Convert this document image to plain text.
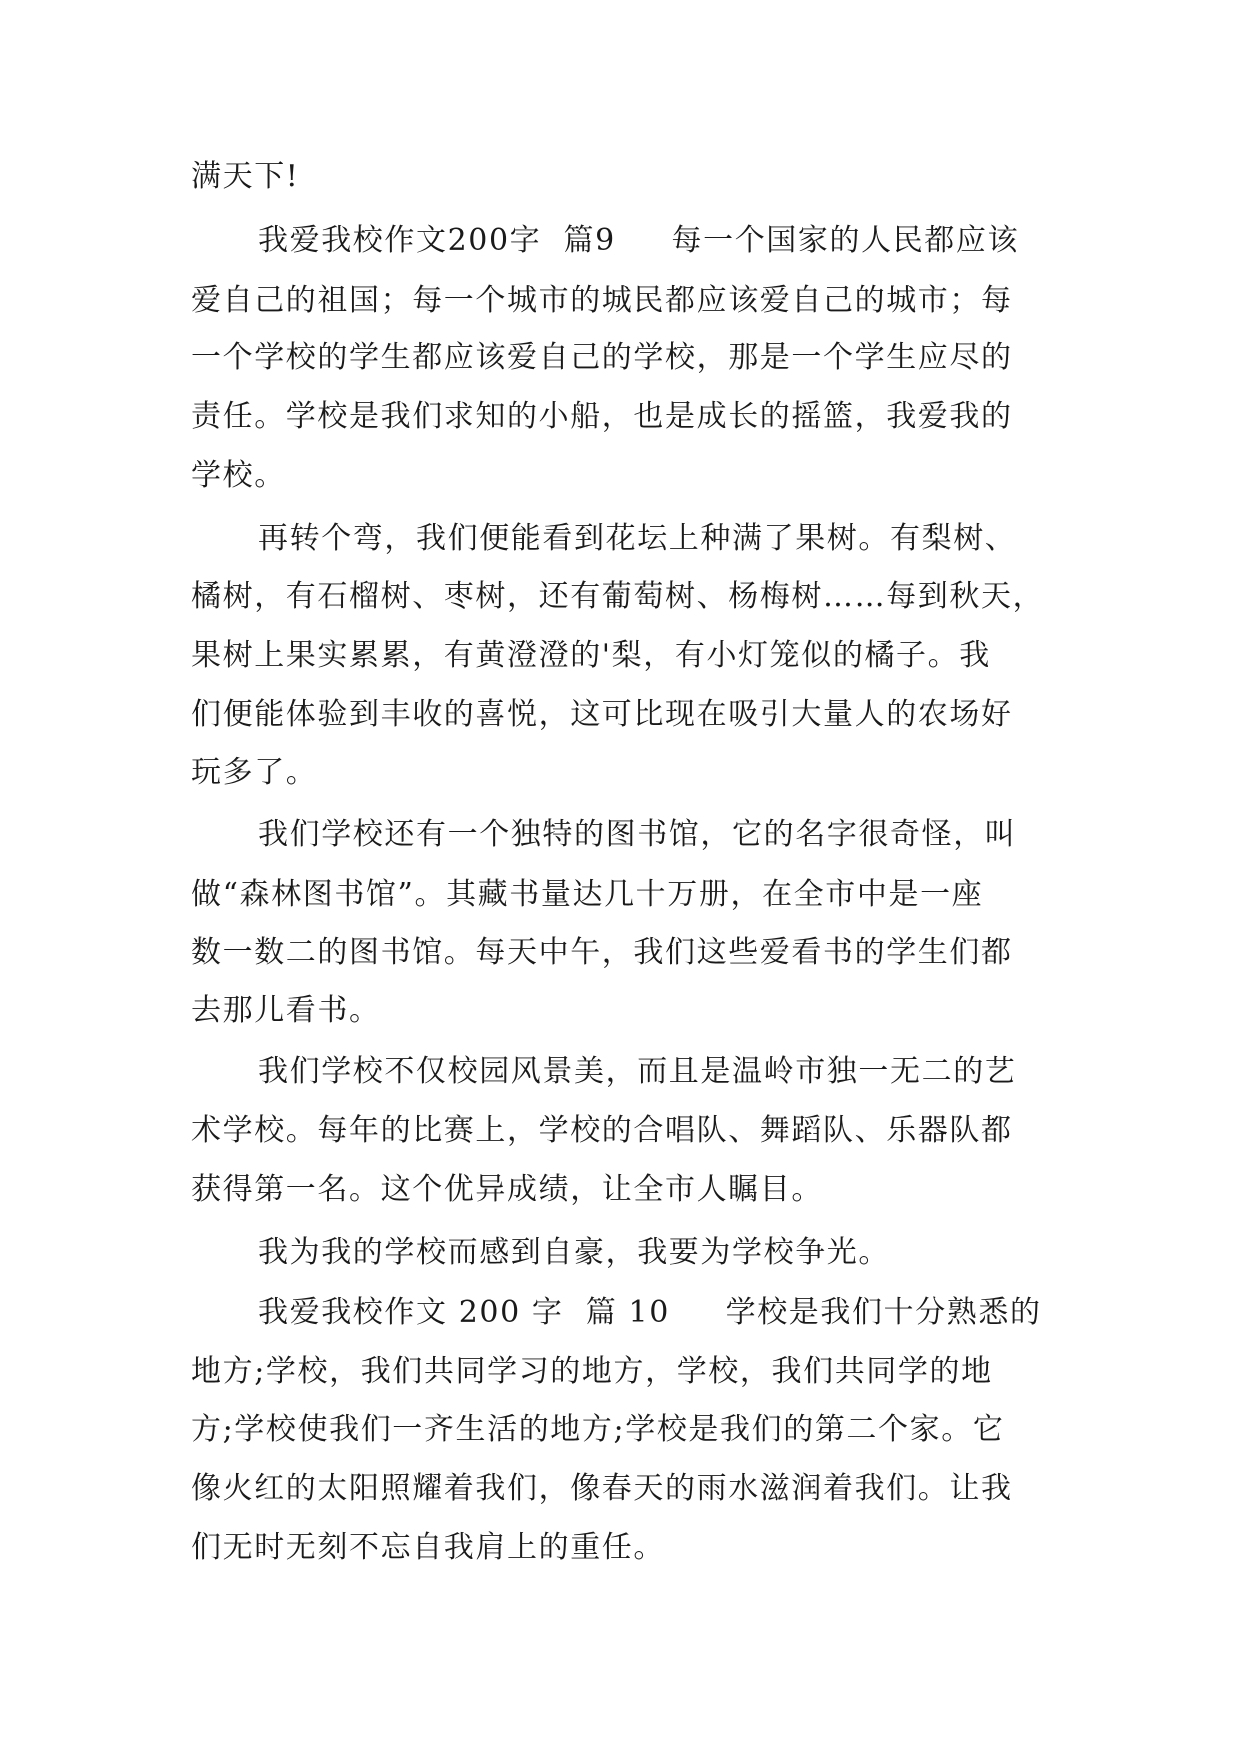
满天下!
我爱我校作文200字  篇9     每一个国家的人民都应该
爱自己的祖国；每一个城市的城民都应该爱自己的城市；每
一个学校的学生都应该爱自己的学校，那是一个学生应尽的
责任。学校是我们求知的小船，也是成长的摇篮，我爱我的
学校。
再转个弯，我们便能看到花坛上种满了果树。有梨树、
橘树，有石榴树、枣树，还有葡萄树、杨梅树……每到秋天，
果树上果实累累，有黄澄澄的'梨，有小灯笼似的橘子。我
们便能体验到丰收的喜悦，这可比现在吸引大量人的农场好
玩多了。
我们学校还有一个独特的图书馆，它的名字很奇怪，叫
做“森林图书馆”。其藏书量达几十万册，在全市中是一座
数一数二的图书馆。每天中午，我们这些爱看书的学生们都
去那儿看书。
我们学校不仅校园风景美，而且是温岭市独一无二的艺
术学校。每年的比赛上，学校的合唱队、舞蹈队、乐器队都
获得第一名。这个优异成绩，让全市人瞩目。
我为我的学校而感到自豪，我要为学校争光。
我爱我校作文 200 字  篇 10     学校是我们十分熟悉的
地方;学校，我们共同学习的地方，学校，我们共同学的地
方;学校使我们一齐生活的地方;学校是我们的第二个家。它
像火红的太阳照耀着我们，像春天的雨水滋润着我们。让我
们无时无刻不忘自我肩上的重任。
